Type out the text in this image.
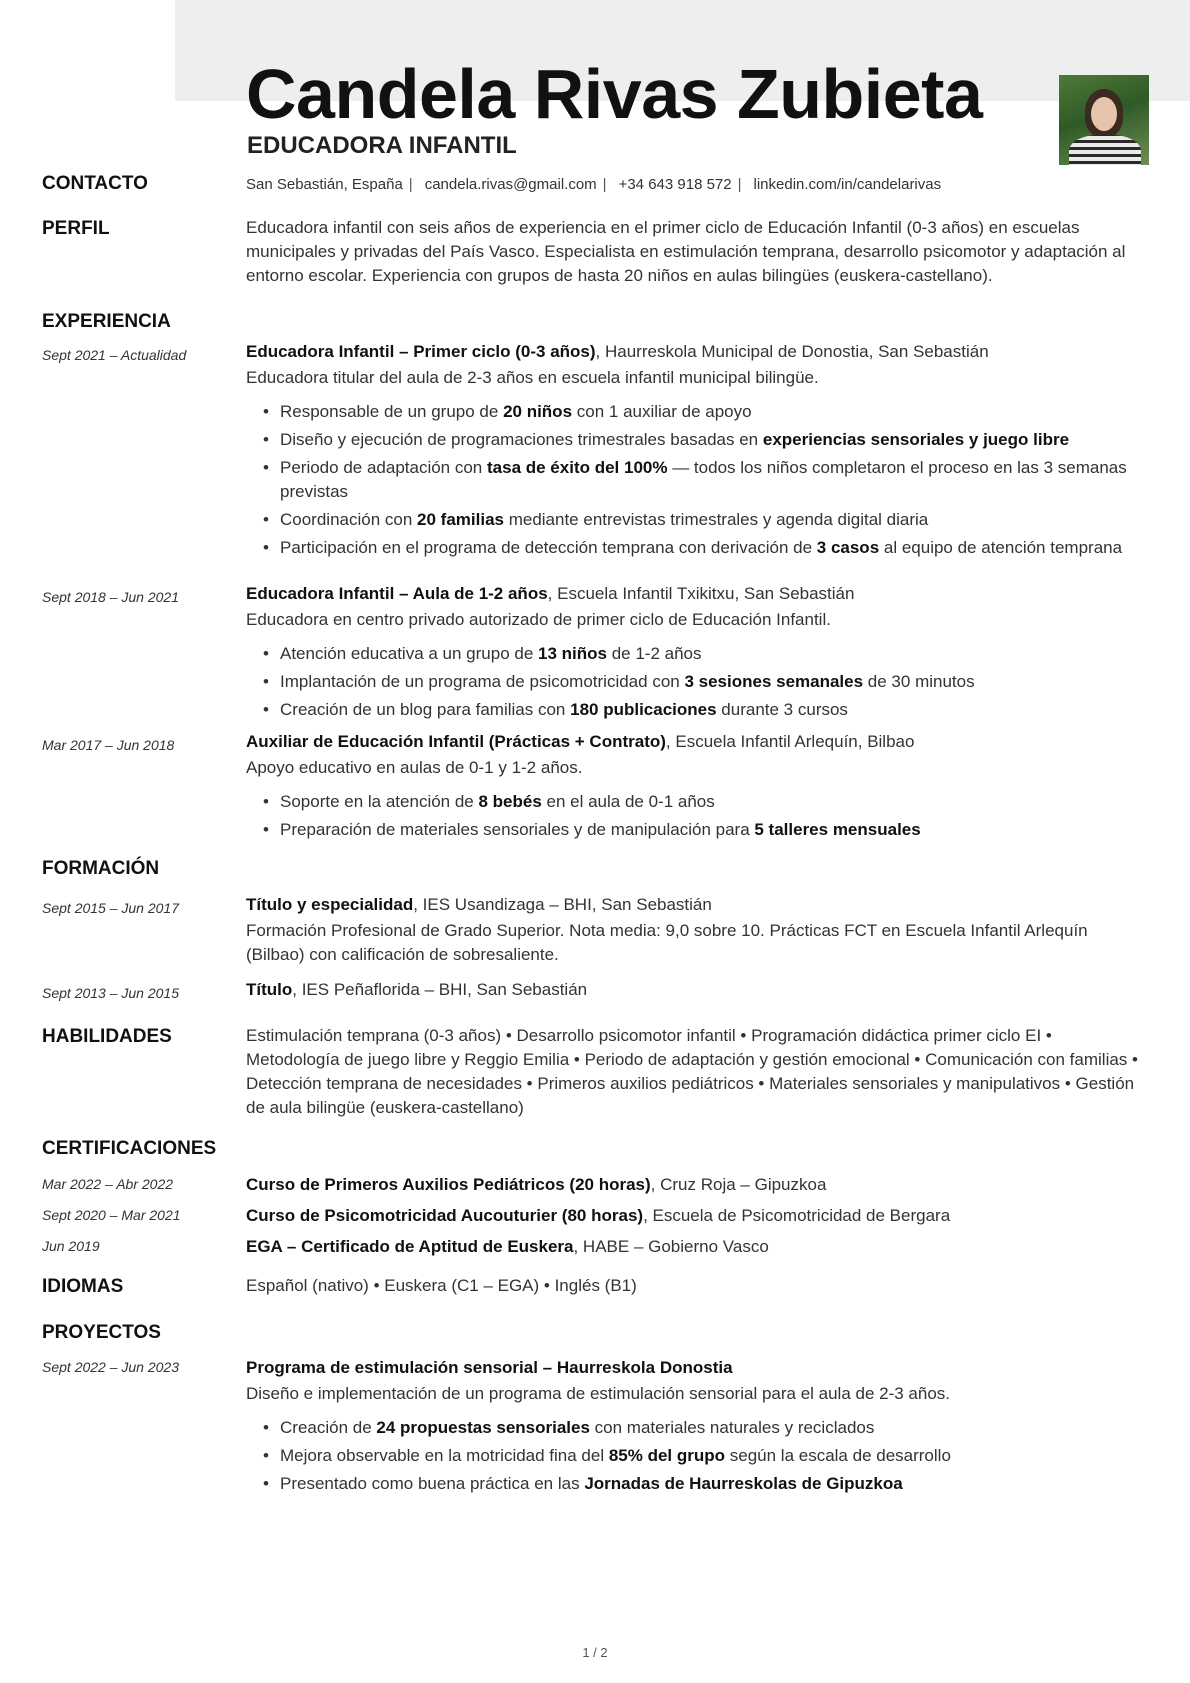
Candela Rivas Zubieta
EDUCADORA INFANTIL
CONTACTO	San Sebastián, España | candela.rivas@gmail.com | +34 643 918 572 | linkedin.com/in/candelarivas
PERFIL	Educadora infantil con seis años de experiencia en el primer ciclo de Educación Infantil (0-3 años) en escuelas municipales y privadas del País Vasco. Especialista en estimulación temprana, desarrollo psicomotor y adaptación al entorno escolar. Experiencia con grupos de hasta 20 niños en aulas bilingües (euskera-castellano).
EXPERIENCIA
Sept 2021 – Actualidad	Educadora Infantil – Primer ciclo (0-3 años), Haurreskola Municipal de Donostia, San Sebastián
Educadora titular del aula de 2-3 años en escuela infantil municipal bilingüe.
• Responsable de un grupo de 20 niños con 1 auxiliar de apoyo
• Diseño y ejecución de programaciones trimestrales basadas en experiencias sensoriales y juego libre
• Periodo de adaptación con tasa de éxito del 100% — todos los niños completaron el proceso en las 3 semanas previstas
• Coordinación con 20 familias mediante entrevistas trimestrales y agenda digital diaria
• Participación en el programa de detección temprana con derivación de 3 casos al equipo de atención temprana
Sept 2018 – Jun 2021	Educadora Infantil – Aula de 1-2 años, Escuela Infantil Txikitxu, San Sebastián
Educadora en centro privado autorizado de primer ciclo de Educación Infantil.
• Atención educativa a un grupo de 13 niños de 1-2 años
• Implantación de un programa de psicomotricidad con 3 sesiones semanales de 30 minutos
• Creación de un blog para familias con 180 publicaciones durante 3 cursos
Mar 2017 – Jun 2018	Auxiliar de Educación Infantil (Prácticas + Contrato), Escuela Infantil Arlequín, Bilbao
Apoyo educativo en aulas de 0-1 y 1-2 años.
• Soporte en la atención de 8 bebés en el aula de 0-1 años
• Preparación de materiales sensoriales y de manipulación para 5 talleres mensuales
FORMACIÓN
Sept 2015 – Jun 2017	Título y especialidad, IES Usandizaga – BHI, San Sebastián
Formación Profesional de Grado Superior. Nota media: 9,0 sobre 10. Prácticas FCT en Escuela Infantil Arlequín (Bilbao) con calificación de sobresaliente.
Sept 2013 – Jun 2015	Título, IES Peñaflorida – BHI, San Sebastián
HABILIDADES	Estimulación temprana (0-3 años) • Desarrollo psicomotor infantil • Programación didáctica primer ciclo EI • Metodología de juego libre y Reggio Emilia • Periodo de adaptación y gestión emocional • Comunicación con familias • Detección temprana de necesidades • Primeros auxilios pediátricos • Materiales sensoriales y manipulativos • Gestión de aula bilingüe (euskera-castellano)
CERTIFICACIONES
Mar 2022 – Abr 2022	Curso de Primeros Auxilios Pediátricos (20 horas), Cruz Roja – Gipuzkoa
Sept 2020 – Mar 2021	Curso de Psicomotricidad Aucouturier (80 horas), Escuela de Psicomotricidad de Bergara
Jun 2019	EGA – Certificado de Aptitud de Euskera, HABE – Gobierno Vasco
IDIOMAS	Español (nativo) • Euskera (C1 – EGA) • Inglés (B1)
PROYECTOS
Sept 2022 – Jun 2023	Programa de estimulación sensorial – Haurreskola Donostia
Diseño e implementación de un programa de estimulación sensorial para el aula de 2-3 años.
• Creación de 24 propuestas sensoriales con materiales naturales y reciclados
• Mejora observable en la motricidad fina del 85% del grupo según la escala de desarrollo
• Presentado como buena práctica en las Jornadas de Haurreskolas de Gipuzkoa
1 / 2
